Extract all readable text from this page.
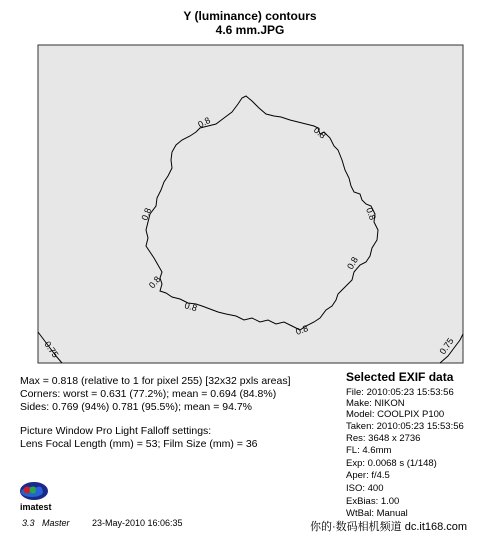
Y (luminance) contours
4.6 mm.JPG
0.8
0.8
0.8	0.8
0.8
0.8
0.8
0.8
0.75	0.75
Max = 0.818 (relative to 1 for pixel 255) [32x32 pxls areas]
Corners: worst = 0.631 (77.2%); mean = 0.694 (84.8%)
Sides: 0.769 (94%) 0.781 (95.5%); mean = 94.7%
Picture Window Pro Light Falloff settings:
Lens Focal Length (mm) = 53; Film Size (mm) = 36
Selected EXIF data
File: 2010:05:23 15:53:56
Make: NIKON
Model: COOLPIX P100
Taken: 2010:05:23 15:53:56
Res: 3648 x 2736
FL: 4.6mm
Exp: 0.0068 s (1/148)
Aper: f/4.5
ISO: 400
ExBias: 1.00
WtBal: Manual
imatest
3.3 Master 23-May-2010 16:06:35	你的·数码相机频道 dc.it168.com
